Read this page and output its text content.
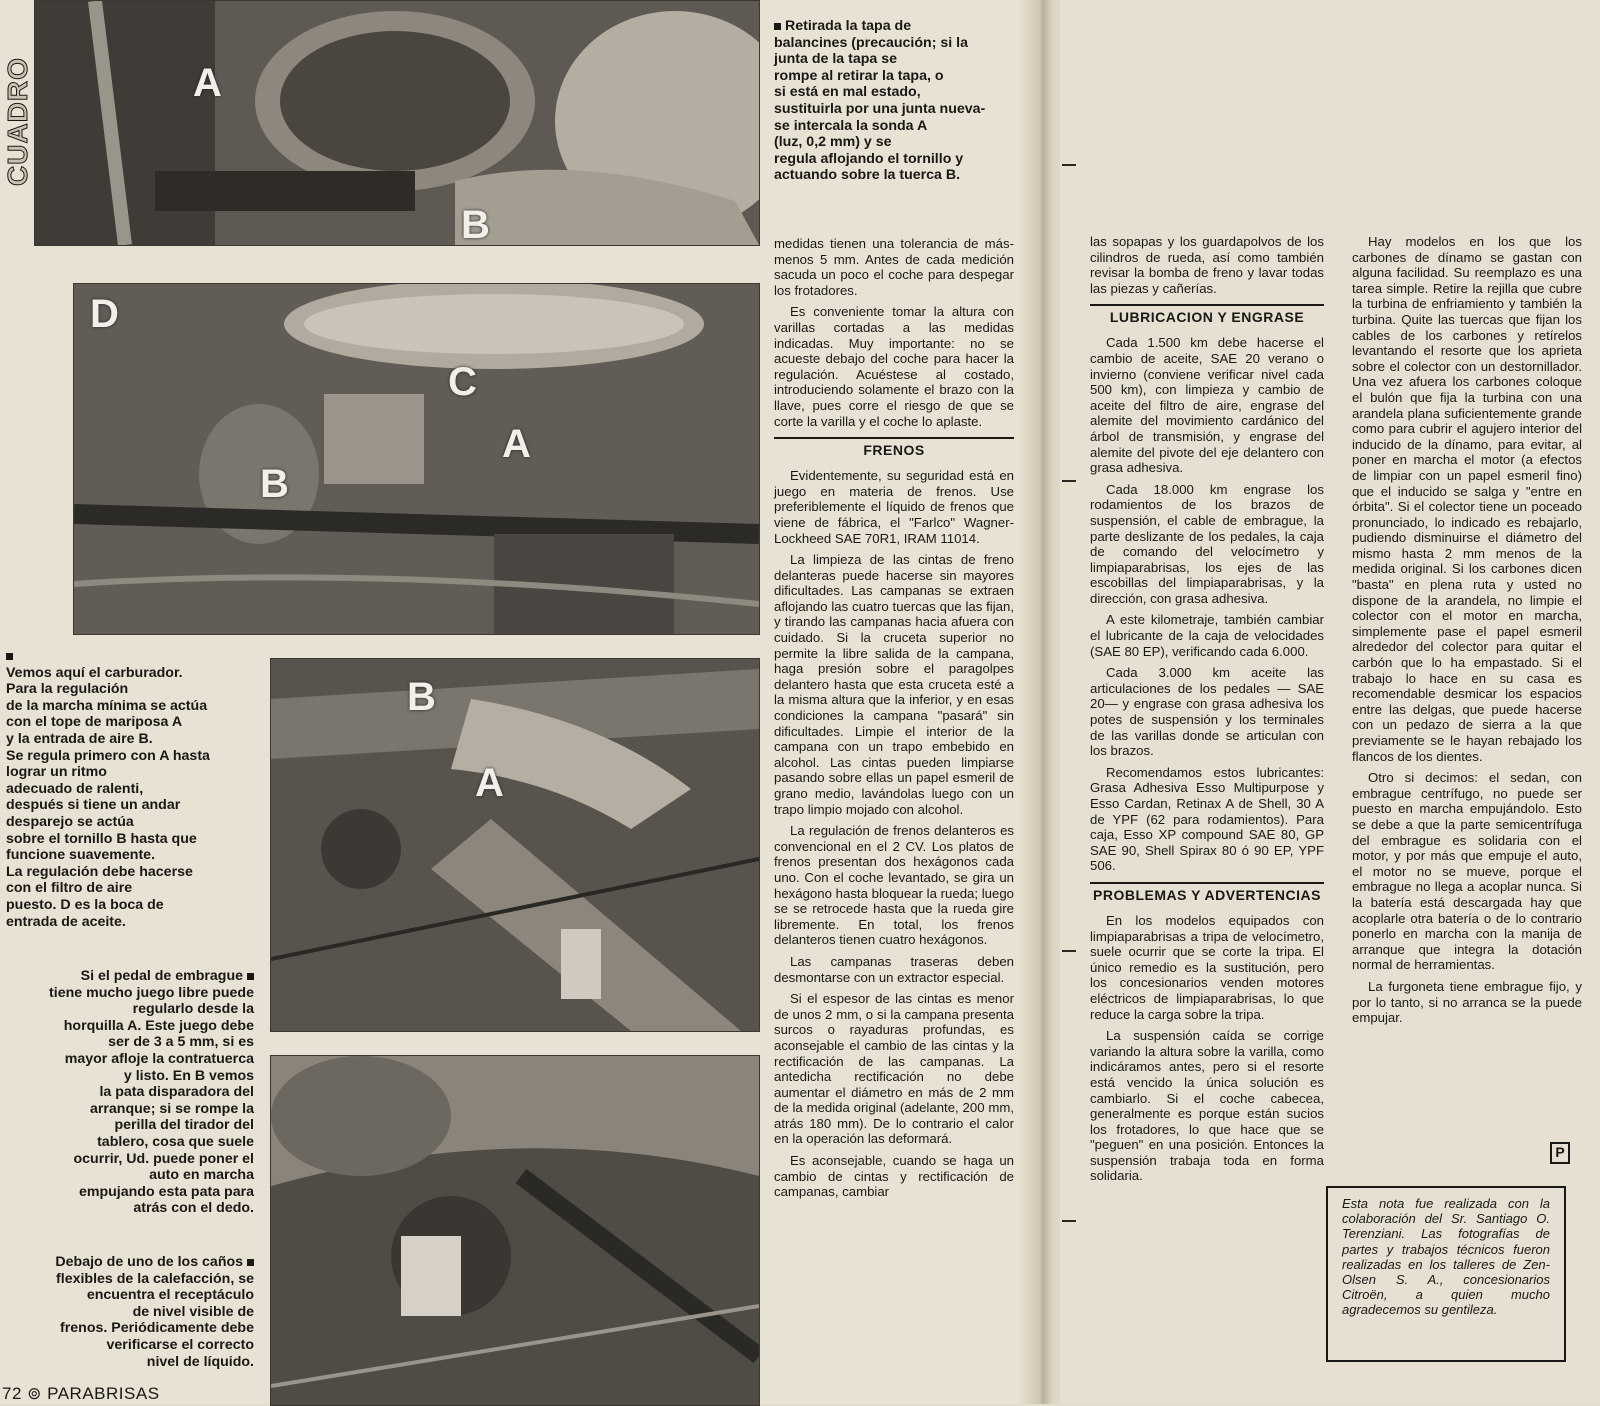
CUADRO	A
B
D
C
A
B
B
A

Retirada la tapa de

balancines (precaución; si la

junta de la tapa se

rompe al retirar la tapa, o

si está en mal estado,

sustituirla por una junta nueva-

se intercala la sonda A

(luz, 0,2 mm) y se

regula aflojando el tornillo y

actuando sobre la tuerca B.

Vemos aquí el carburador.

Para la regulación

de la marcha mínima se actúa

con el tope de mariposa A

y la entrada de aire B.

Se regula primero con A hasta

lograr un ritmo

adecuado de ralenti,

después si tiene un andar

desparejo se actúa

sobre el tornillo B hasta que

funcione suavemente.

La regulación debe hacerse

con el filtro de aire

puesto. D es la boca de

entrada de aceite.

Si el pedal de embrague

tiene mucho juego libre puede

regularlo desde la

horquilla A. Este juego debe

ser de 3 a 5 mm, si es

mayor afloje la contratuerca

y listo. En B vemos

la pata disparadora del

arranque; si se rompe la

perilla del tirador del

tablero, cosa que suele

ocurrir, Ud. puede poner el

auto en marcha

empujando esta pata para

atrás con el dedo.

Debajo de uno de los caños

flexibles de la calefacción, se

encuentra el receptáculo

de nivel visible de

frenos. Periódicamente debe

verificarse el correcto

nivel de líquido.

72 ⊚ PARABRISAS

medidas tienen una tolerancia de más-menos 5 mm. Antes de cada medición sacuda un poco el coche para despegar los frotadores.

Es conveniente tomar la altura con varillas cortadas a las medidas indicadas. Muy importante: no se acueste debajo del coche para hacer la regulación. Acuéstese al costado, introduciendo solamente el brazo con la llave, pues corre el riesgo de que se corte la varilla y el coche lo aplaste.

FRENOS

Evidentemente, su seguridad está en juego en materia de frenos. Use preferiblemente el líquido de frenos que viene de fábrica, el "Farlco" Wagner-Lockheed SAE 70R1, IRAM 11014.

La limpieza de las cintas de freno delanteras puede hacerse sin mayores dificultades. Las campanas se extraen aflojando las cuatro tuercas que las fijan, y tirando las campanas hacia afuera con cuidado. Si la cruceta superior no permite la libre salida de la campana, haga presión sobre el paragolpes delantero hasta que esta cruceta esté a la misma altura que la inferior, y en esas condiciones la campana "pasará" sin dificultades. Limpie el interior de la campana con un trapo embebido en alcohol. Las cintas pueden limpiarse pasando sobre ellas un papel esmeril de grano medio, lavándolas luego con un trapo limpio mojado con alcohol.

La regulación de frenos delanteros es convencional en el 2 CV. Los platos de frenos presentan dos hexágonos cada uno. Con el coche levantado, se gira un hexágono hasta bloquear la rueda; luego se se retrocede hasta que la rueda gire libremente. En total, los frenos delanteros tienen cuatro hexágonos.

Las campanas traseras deben desmontarse con un extractor especial.

Si el espesor de las cintas es menor de unos 2 mm, o si la campana presenta surcos o rayaduras profundas, es aconsejable el cambio de las cintas y la rectificación de las campanas. La antedicha rectificación no debe aumentar el diámetro en más de 2 mm de la medida original (adelante, 200 mm, atrás 180 mm). De lo contrario el calor en la operación las deformará.

Es aconsejable, cuando se haga un cambio de cintas y rectificación de campanas, cambiar

las sopapas y los guardapolvos de los cilindros de rueda, así como también revisar la bomba de freno y lavar todas las piezas y cañerías.

LUBRICACION Y ENGRASE

Cada 1.500 km debe hacerse el cambio de aceite, SAE 20 verano o invierno (conviene verificar nivel cada 500 km), con limpieza y cambio de aceite del filtro de aire, engrase del alemite del movimiento cardánico del árbol de transmisión, y engrase del alemite del pivote del eje delantero con grasa adhesiva.

Cada 18.000 km engrase los rodamientos de los brazos de suspensión, el cable de embrague, la parte deslizante de los pedales, la caja de comando del velocímetro y limpiaparabrisas, los ejes de las escobillas del limpiaparabrisas, y la dirección, con grasa adhesiva.

A este kilometraje, también cambiar el lubricante de la caja de velocidades (SAE 80 EP), verificando cada 6.000.

Cada 3.000 km aceite las articulaciones de los pedales — SAE 20— y engrase con grasa adhesiva los potes de suspensión y los terminales de las varillas donde se articulan con los brazos.

Recomendamos estos lubricantes: Grasa Adhesiva Esso Multipurpose y Esso Cardan, Retinax A de Shell, 30 A de YPF (62 para rodamientos). Para caja, Esso XP compound SAE 80, GP SAE 90, Shell Spirax 80 ó 90 EP, YPF 506.

PROBLEMAS Y ADVERTENCIAS

En los modelos equipados con limpiaparabrisas a tripa de velocímetro, suele ocurrir que se corte la tripa. El único remedio es la sustitución, pero los concesionarios venden motores eléctricos de limpiaparabrisas, lo que reduce la carga sobre la tripa.

La suspensión caída se corrige variando la altura sobre la varilla, como indicáramos antes, pero si el resorte está vencido la única solución es cambiarlo. Si el coche cabecea, generalmente es porque están sucios los frotadores, lo que hace que se "peguen" en una posición. Entonces la suspensión trabaja toda en forma solidaria.

Hay modelos en los que los carbones de dínamo se gastan con alguna facilidad. Su reemplazo es una tarea simple. Retire la rejilla que cubre la turbina de enfriamiento y también la turbina. Quite las tuercas que fijan los cables de los carbones y retírelos levantando el resorte que los aprieta sobre el colector con un destornillador. Una vez afuera los carbones coloque el bulón que fija la turbina con una arandela plana suficientemente grande como para cubrir el agujero interior del inducido de la dínamo, para evitar, al poner en marcha el motor (a efectos de limpiar con un papel esmeril fino) que el inducido se salga y "entre en órbita". Si el colector tiene un poceado pronunciado, lo indicado es rebajarlo, pudiendo disminuirse el diámetro del mismo hasta 2 mm menos de la medida original. Si los carbones dicen "basta" en plena ruta y usted no dispone de la arandela, no limpie el colector con el motor en marcha, simplemente pase el papel esmeril alrededor del colector para quitar el carbón que lo ha empastado. Si el trabajo lo hace en su casa es recomendable desmicar los espacios entre las delgas, que puede hacerse con un pedazo de sierra a la que previamente se le hayan rebajado los flancos de los dientes.

Otro si decimos: el sedan, con embrague centrífugo, no puede ser puesto en marcha empujándolo. Esto se debe a que la parte semicentrífuga del embrague es solidaria con el motor, y por más que empuje el auto, el motor no se mueve, porque el embrague no llega a acoplar nunca. Si la batería está descargada hay que acoplarle otra batería o de lo contrario ponerlo en marcha con la manija de arranque que integra la dotación normal de herramientas.

La furgoneta tiene embrague fijo, y por lo tanto, si no arranca se la puede empujar.

P
Esta nota fue realizada con la colaboración del Sr. Santiago O. Terenziani. Las fotografías de partes y trabajos técnicos fueron realizadas en los talleres de Zen-Olsen S. A., concesionarios Citroën, a quien mucho agradecemos su gentileza.
